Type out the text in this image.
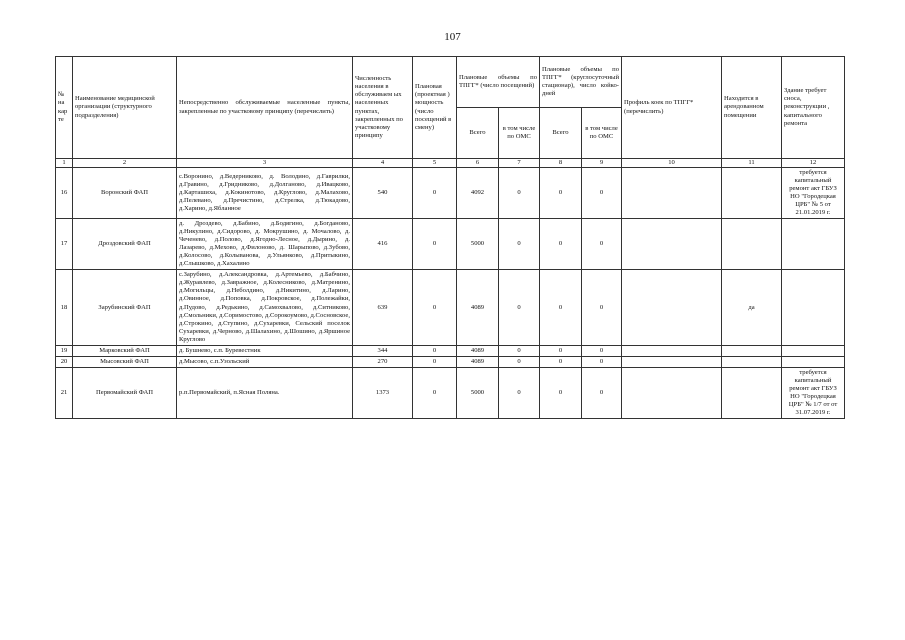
107
№ на кар те	Наименование медицинской организации (структурного подразделения)	Непосредственно обслуживаемые населенные пункты, закрепленные по участковому принципу (перечислить)	Численность населения в обслуживаем ых населенных пунктах, закрепленных по участковому принципу	Плановая (проектная ) мощность (число посещений в смену)	Плановые объемы по ТПГГ* (число посещений)		Плановые объемы по ТПГГ* (круглосуточный стационар), число койко-дней		Профиль коек по ТПГГ* (перечислить)	Находится в арендованном помещении	Здание требует сноса, реконструкции , капитального ремонта
					Всего	в том числе по ОМС	Всего	в том числе по ОМС			
1	2	3	4	5	6	7	8	9	10	11	12
16	Воронский ФАП	с.Воронино, д.Ведерниково, д. Володино, д.Гаврилки, д.Гравино, д.Гридниково, д.Долганово, д.Ивацково, д.Карташиха, д.Кокинотово, д.Круглово, д.Малахово, д.Пелевано, д.Пречистино, д.Стрелка, д.Тюкадово, д.Харино, д.Ябланное	540	0	4092	0	0	0			требуется капитальный ремонт акт ГБУЗ НО "Городецкая ЦРБ" № 5 от 21.01.2019 г.
17	Дроздовский ФАП	д. Дроздево, д.Бабино, д.Бодягино, д.Богданово, д.Никулино, д.Сидорово, д. Мокрушино, д. Мочалово, д. Чеченево, д.Полово, д.Ягодно-Лесное, д.Дырино, д. Лазарево, д.Мехово, д.Филоново, д. Шарыпово, д.Зубово, д.Колосово, д.Колыванова, д.Ульянково, д.Притыкино, д.Слышково, д.Хахалино	416	0	5000	0	0	0			
18	Зарубинский ФАП	с.Зарубино, д.Александровка, д.Артемьево, д.Бабчино, д.Журавлево, д.Завражное, д.Колесниково, д.Матренино, д.Могильцы, д.Неболдино, д.Никитино, д.Ларино, д.Овинное, д.Поповка, д.Покровское, д.Полежайки, д.Пудово, д.Редькино, д.Самохвалово, д.Ситниково, д.Смольники, д.Соримостово, д.Сорокоумово, д.Сосновское, д.Строкино, д.Ступино, д.Сухаревки, Сельский поселок Сухаревки, д.Черново, д.Шалахино, д.Шошино, д.Яршиное Круглово	639	0	4089	0	0	0		да	
19	Марковский ФАП	д. Бушнево, с.п. Буревестник	344	0	4089	0	0	0			
20	Мысовский ФАП	д.Мысово, с.п.Узольский	270	0	4089	0	0	0			
21	Первомайский ФАП	р.п.Первомайский, п.Ясная Поляна.	1373	0	5000	0	0	0			требуется капитальный ремонт акт ГБУЗ НО "Городецкая ЦРБ" № 1/7 от от 31.07.2019 г.
